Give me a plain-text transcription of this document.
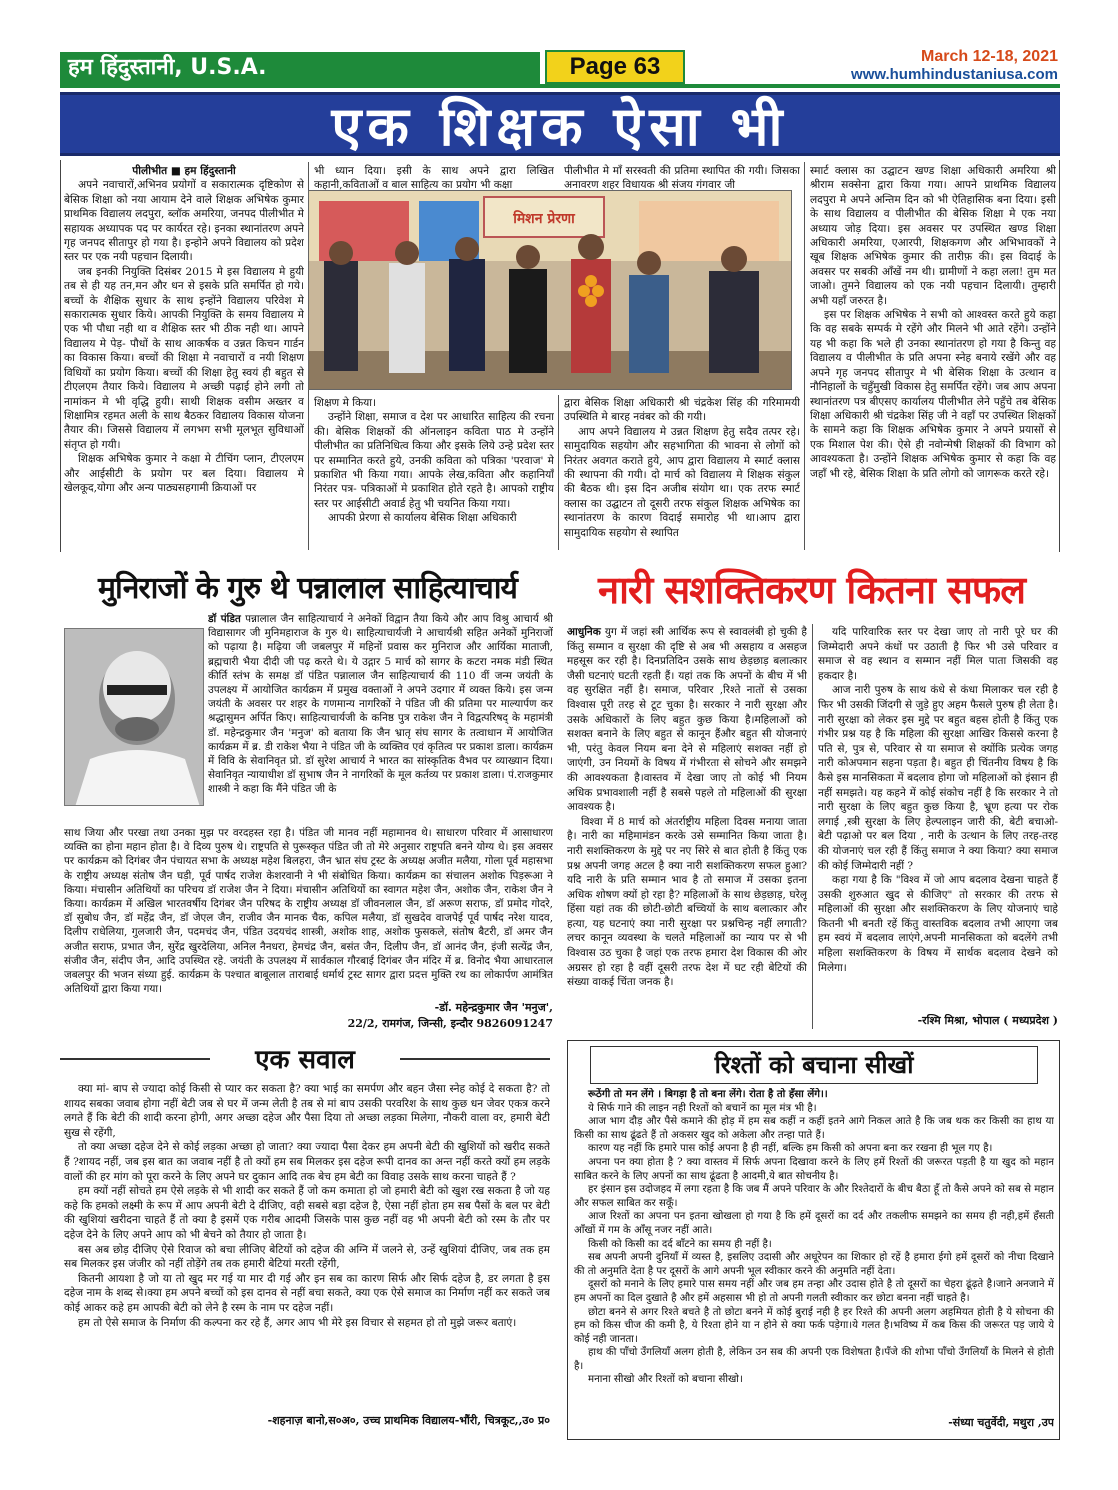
हम हिंदुस्तानी, U.S.A.	Page 63	March 12-18, 2021
www.humhindustaniusa.com
एक शिक्षक ऐसा भी

पीलीभीत ■ हम हिंदुस्तानी

अपने नवाचारों,अभिनव प्रयोगों व सकारात्मक दृष्टिकोण से बेसिक शिक्षा को नया आयाम देने वाले शिक्षक अभिषेक कुमार प्राथमिक विद्यालय लदपुरा, ब्लॉक अमरिया, जनपद पीलीभीत मे सहायक अध्यापक पद पर कार्यरत रहे। इनका स्थानांतरण अपने गृह जनपद सीतापुर हो गया है। इन्होने अपने विद्यालय को प्रदेश स्तर पर एक नयी पहचान दिलायी।

जब इनकी नियुक्ति दिसंबर 2015 मे इस विद्यालय मे हुयी तब से ही यह तन,मन और धन से इसके प्रति समर्पित हो गये। बच्चों के शैक्षिक सुधार के साथ इन्होंने विद्यालय परिवेश मे सकारात्मक सुधार किये। आपकी नियुक्ति के समय विद्यालय मे एक भी पौधा नही था व शैक्षिक स्तर भी ठीक नही था। आपने विद्यालय मे पेड़- पौधों के साथ आकर्षक व उन्नत किचन गार्डन का विकास किया। बच्चों की शिक्षा मे नवाचारों व नयी शिक्षण विधियों का प्रयोग किया। बच्चों की शिक्षा हेतु स्वयं ही बहुत से टीएलएम तैयार किये। विद्यालय मे अच्छी पढ़ाई होने लगी तो नामांकन मे भी वृद्धि हुयी। साथी शिक्षक वसीम अख्तर व शिक्षामित्र रहमत अली के साथ बैठकर विद्यालय विकास योजना तैयार की। जिससे विद्यालय में लगभग सभी मूलभूत सुविधाओं संतृप्त हो गयी।

शिक्षक अभिषेक कुमार ने कक्षा मे टीचिंग प्लान, टीएलएम और आईसीटी के प्रयोग पर बल दिया। विद्यालय मे खेलकूद,योगा और अन्य पाठ्यसहगामी क्रियाओं पर

भी ध्यान दिया। इसी के साथ अपने द्वारा लिखित कहानी,कविताओं व बाल साहित्य का प्रयोग भी कक्षा

पीलीभीत मे माँ सरस्वती की प्रतिमा स्थापित की गयी। जिसका अनावरण शहर विधायक श्री संजय गंगवार जी

मिशन प्रेरणा

शिक्षण मे किया।

उन्होंने शिक्षा, समाज व देश पर आधारित साहित्य की रचना की। बेसिक शिक्षकों की ऑनलाइन कविता पाठ मे उन्होंने पीलीभीत का प्रतिनिधित्व किया और इसके लिये उन्हे प्रदेश स्तर पर सम्मानित करते हुये, उनकी कविता को पत्रिका 'परवाज' मे प्रकाशित भी किया गया। आपके लेख,कविता और कहानियाँ निरंतर पत्र- पत्रिकाओं मे प्रकाशित होते रहते है। आपको राष्ट्रीय स्तर पर आईसीटी अवार्ड हेतु भी चयनित किया गया।

आपकी प्रेरणा से कार्यालय बेसिक शिक्षा अधिकारी

द्वारा बेसिक शिक्षा अधिकारी श्री चंद्रकेश सिंह की गरिमामयी उपस्थिति मे बारह नवंबर को की गयी।

आप अपने विद्यालय मे उन्नत शिक्षण हेतु सदैव तत्पर रहे। सामुदायिक सहयोग और सहभागिता की भावना से लोगों को निरंतर अवगत कराते हुये, आप द्वारा विद्यालय मे स्मार्ट क्लास की स्थापना की गयी। दो मार्च को विद्यालय मे शिक्षक संकुल की बैठक थी। इस दिन अजीब संयोग था। एक तरफ स्मार्ट क्लास का उद्घाटन तो दूसरी तरफ संकुल शिक्षक अभिषेक का स्थानांतरण के कारण विदाई समारोह भी था।आप द्वारा सामुदायिक सहयोग से स्थापित

स्मार्ट क्लास का उद्घाटन खण्ड शिक्षा अधिकारी अमरिया श्री श्रीराम सक्सेना द्वारा किया गया। आपने प्राथमिक विद्यालय लदपुरा मे अपने अन्तिम दिन को भी ऐतिहासिक बना दिया। इसी के साथ विद्यालय व पीलीभीत की बेसिक शिक्षा मे एक नया अध्याय जोड़ दिया। इस अवसर पर उपस्थित खण्ड शिक्षा अधिकारी अमरिया, एआरपी, शिक्षकगण और अभिभावकों ने खूब शिक्षक अभिषेक कुमार की तारीफ़ की। इस विदाई के अवसर पर सबकी आँखें नम थी। ग्रामीणों ने कहा लला! तुम मत जाओ। तुमने विद्यालय को एक नयी पहचान दिलायी। तुम्हारी अभी यहाँ जरुरत है।

इस पर शिक्षक अभिषेक ने सभी को आश्वस्त करते हुये कहा कि वह सबके सम्पर्क मे रहेंगे और मिलने भी आते रहेंगे। उन्होंने यह भी कहा कि भले ही उनका स्थानांतरण हो गया है किन्तु वह विद्यालय व पीलीभीत के प्रति अपना स्नेह बनाये रखेंगे और वह अपने गृह जनपद सीतापुर मे भी बेसिक शिक्षा के उत्थान व नौनिहालों के चहुँमुखी विकास हेतु समर्पित रहेंगे। जब आप अपना स्थानांतरण पत्र बीएसए कार्यालय पीलीभीत लेने पहुँचे तब बेसिक शिक्षा अधिकारी श्री चंद्रकेश सिंह जी ने वहाँ पर उपस्थित शिक्षकों के सामने कहा कि शिक्षक अभिषेक कुमार ने अपने प्रयासों से एक मिशाल पेश की। ऐसे ही नवोन्मेषी शिक्षकों की विभाग को आवश्यकता है। उन्होंने शिक्षक अभिषेक कुमार से कहा कि वह जहाँ भी रहे, बेसिक शिक्षा के प्रति लोगो को जागरूक करते रहे।

मुनिराजों के गुरु थे पन्नालाल साहित्याचार्य

डॉ पंडित पन्नालाल जैन साहित्याचार्य ने अनेकों विद्वान तैया किये और आप विश्रु आचार्य श्री विद्यासागर जी मुनिमहाराज के गुरु थे। साहित्याचार्यजी ने आचार्यश्री सहित अनेकों मुनिराजों को पढ़ाया है। मढ़िया जी जबलपुर में महिनों प्रवास कर मुनिराज और आर्यिका माताजी, ब्रह्मचारी भैया दीदी जी पढ़ करते थे। ये उद्गार 5 मार्च को सागर के कटरा नमक मंडी स्थित कीर्ति स्तंभ के समक्ष डॉ पंडित पन्नालाल जैन साहित्याचार्य की 110 वीं जन्म जयंती के उपलक्ष्य में आयोजित कार्यक्रम में प्रमुख वक्ताओं ने अपने उदगार में व्यक्त किये। इस जन्म जयंती के अवसर पर शहर के गणमान्य नागरिकों ने पंडित जी की प्रतिमा पर माल्यार्पण कर श्रद्धासुमन अर्पित किए। साहित्याचार्यजी के कनिष्ठ पुत्र राकेश जैन ने विद्वत्परिषद् के महामंत्री डॉ. महेन्द्रकुमार जैन 'मनुज' को बताया कि जैन भ्रातृ संघ सागर के तत्वाधान में आयोजित कार्यक्रम में ब्र. डी राकेश भैया ने पंडित जी के व्यक्तिव एवं कृतित्व पर प्रकाश डाला। कार्यक्रम में विवि के सेवानिवृत प्रो. डॉ सुरेश आचार्य ने भारत का सांस्कृतिक वैभव पर व्याख्यान दिया। सेवानिवृत न्यायाधीश डॉ सुभाष जैन ने नागरिकों के मूल कर्तव्य पर प्रकाश डाला। पं.राजकुमार शास्त्री ने कहा कि मैंने पंडित जी के

साथ जिया और परखा तथा उनका मुझ पर वरदहस्त रहा है। पंडित जी मानव नहीं महामानव थे। साधारण परिवार में आसाधारण व्यक्ति का होना महान होता है। वे दिव्य पुरुष थे। राष्ट्रपति से पुरूस्कृत पंडित जी तो मेरे अनुसार राष्ट्रपति बनने योग्य थे। इस अवसर पर कार्यक्रम को दिगंबर जैन पंचायत सभा के अध्यक्ष महेश बिलहरा, जैन भ्रात संघ ट्रस्ट के अध्यक्ष अजीत मलैया, गोला पूर्व महासभा के राष्ट्रीय अध्यक्ष संतोष जैन घड़ी, पूर्व पार्षद राजेश केशरवानी ने भी संबोधित किया। कार्यक्रम का संचालन अशोक पिड़रूआ ने किया। मंचासीन अतिथियों का परिचय डॉ राजेश जैन ने दिया। मंचासीन अतिथियों का स्वागत महेश जैन, अशोक जैन, राकेश जैन ने किया। कार्यक्रम में अखिल भारतवर्षीय दिगंबर जैन परिषद के राष्ट्रीय अध्यक्ष डॉ जीवनलाल जैन, डॉ अरूण सराफ, डॉ प्रमोद गोदरे, डॉ सुबोध जैन, डॉ महेंद्र जैन, डॉ जेएल जैन, राजीव जैन मानक चैक, कपिल मलैया, डॉ सुखदेव वाजपेई पूर्व पार्षद नरेश यादव, दिलीप राधेलिया, गुलजारी जैन, पदमचंद जैन, पंडित उदयचंद शास्त्री, अशोक शाह, अशोक फुसकले, संतोष बैटरी, डॉ अमर जैन अजीत सराफ, प्रभात जैन, सुरेंद्र खुरदेलिया, अनिल नैनधरा, हेमचंद्र जैन, बसंत जैन, दिलीप जैन, डॉ आनंद जैन, इंजी सत्येंद्र जैन, संजीव जैन, संदीप जैन, आदि उपस्थित रहे. जयंती के उपलक्ष्य में सार्वकाल गौरबाई दिगंबर जैन मंदिर में ब्र. विनोद भैया आधारताल जबलपुर की भजन संध्या हुई. कार्यक्रम के पश्चात बाबूलाल ताराबाई धर्मार्थ ट्रस्ट सागर द्वारा प्रदत्त मुक्ति रथ का लोकार्पण आमंत्रित अतिथियों द्वारा किया गया।

-डॉ. महेन्द्रकुमार जैन 'मनुज',

22/2, रामगंज, जिन्सी, इन्दौर 9826091247

नारी सशक्तिकरण कितना सफल

आधुनिक युग में जहां स्त्री आर्थिक रूप से स्वावलंबी हो चुकी है किंतु सम्मान व सुरक्षा की दृष्टि से अब भी असहाय व असहज महसूस कर रही है। दिनप्रतिदिन उसके साथ छेड़छाड़ बलात्कार जैसी घटनाएं घटती रहती हैं। यहां तक कि अपनों के बीच में भी वह सुरक्षित नहीं है। समाज, परिवार ,रिश्ते नातों से उसका विश्वास पूरी तरह से टूट चुका है। सरकार ने नारी सुरक्षा और उसके अधिकारों के लिए बहुत कुछ किया है।महिलाओं को सशक्त बनाने के लिए बहुत से कानून हैंऔर बहुत सी योजनाएं भी, परंतु केवल नियम बना देने से महिलाएं सशक्त नहीं हो जाएंगी, उन नियमों के विषय में गंभीरता से सोचने और समझने की आवश्यकता है।वास्तव में देखा जाए तो कोई भी नियम अधिक प्रभावशाली नहीं है सबसे पहले तो महिलाओं की सुरक्षा आवश्यक है।

विश्वा में 8 मार्च को अंतर्राष्ट्रीय महिला दिवस मनाया जाता है। नारी का महिमामंडन करके उसे सम्मानित किया जाता है। नारी सशक्तिकरण के मुद्दे पर नए सिरे से बात होती है किंतु एक प्रश्न अपनी जगह अटल है क्या नारी सशक्तिकरण सफल हुआ? यदि नारी के प्रति सम्मान भाव है तो समाज में उसका इतना अधिक शोषण क्यों हो रहा है? महिलाओं के साथ छेड़छाड़, घरेलू हिंसा यहां तक की छोटी-छोटी बच्चियों के साथ बलात्कार और हत्या, यह घटनाएं क्या नारी सुरक्षा पर प्रश्नचिन्ह नहीं लगाती? लचर कानून व्यवस्था के चलते महिलाओं का न्याय पर से भी विश्वास उठ चुका है जहां एक तरफ हमारा देश विकास की ओर अग्रसर हो रहा है वहीं दूसरी तरफ देश में घट रही बेटियों की संख्या वाकई चिंता जनक है।

यदि पारिवारिक स्तर पर देखा जाए तो नारी पूरे घर की जिम्मेदारी अपने कंधों पर उठाती है फिर भी उसे परिवार व समाज से वह स्थान व सम्मान नहीं मिल पाता जिसकी वह हकदार है।

आज नारी पुरुष के साथ कंधे से कंधा मिलाकर चल रही है फिर भी उसकी जिंदगी से जुड़े हुए अहम फैसले पुरुष ही लेता है। नारी सुरक्षा को लेकर इस मुद्दे पर बहुत बहस होती है किंतु एक गंभीर प्रश्न यह है कि महिला की सुरक्षा आखिर किससे करना है पति से, पुत्र से, परिवार से या समाज से क्योंकि प्रत्येक जगह नारी कोअपमान सहना पड़ता है। बहुत ही चिंतनीय विषय है कि कैसे इस मानसिकता में बदलाव होगा जो महिलाओं को इंसान ही नहीं समझते। यह कहने में कोई संकोच नहीं है कि सरकार ने तो नारी सुरक्षा के लिए बहुत कुछ किया है, भ्रूण हत्या पर रोक लगाई ,स्त्री सुरक्षा के लिए हेल्पलाइन जारी की, बेटी बचाओ- बेटी पढ़ाओ पर बल दिया , नारी के उत्थान के लिए तरह-तरह की योजनाएं चल रही हैं किंतु समाज ने क्या किया? क्या समाज की कोई जिम्मेदारी नहीं ?

कहा गया है कि "विश्व में जो आप बदलाव देखना चाहते हैं उसकी शुरुआत खुद से कीजिए" तो सरकार की तरफ से महिलाओं की सुरक्षा और सशक्तिकरण के लिए योजनाएं चाहे कितनी भी बनती रहें किंतु वास्तविक बदलाव तभी आएगा जब हम स्वयं में बदलाव लाएंगे,अपनी मानसिकता को बदलेंगे तभी महिला सशक्तिकरण के विषय में सार्थक बदलाव देखने को मिलेगा।

-रश्मि मिश्रा, भोपाल ( मध्यप्रदेश )

एक सवाल

क्या मां- बाप से ज्यादा कोई किसी से प्यार कर सकता है? क्या भाई का समर्पण और बहन जैसा स्नेह कोई दे सकता है? तो शायद सबका जवाब होगा नहीं बेटी जब से घर में जन्म लेती है तब से मां बाप उसकी परवरिश के साथ कुछ धन जेवर एकत्र करने लगते हैं कि बेटी की शादी करना होगी, अगर अच्छा दहेज और पैसा दिया तो अच्छा लड़का मिलेगा, नौकरी वाला वर, हमारी बेटी सुख से रहेंगी,

तो क्या अच्छा दहेज देने से कोई लड़का अच्छा हो जाता? क्या ज्यादा पैसा देकर हम अपनी बेटी की खुशियों को खरीद सकते हैं ?शायद नहीं, जब इस बात का जवाब नहीं है तो क्यों हम सब मिलकर इस दहेज रूपी दानव का अन्त नहीं करते क्यों हम लड़के वालों की हर मांग को पूरा करने के लिए अपने घर दुकान आदि तक बेच हम बेटी का विवाह उसके साथ करना चाहते हैं ?

हम क्यों नहीं सोचते हम ऐसे लड़के से भी शादी कर सकते हैं जो कम कमाता हो जो हमारी बेटी को खुश रख सकता है जो यह कहे कि हमको लक्ष्मी के रूप में आप अपनी बेटी दे दीजिए, वही सबसे बड़ा दहेज है, ऐसा नहीं होता हम सब पैसों के बल पर बेटी की खुशियां खरीदना चाहते हैं तो क्या है इसमें एक गरीब आदमी जिसके पास कुछ नहीं वह भी अपनी बेटी को रस्म के तौर पर दहेज देने के लिए अपने आप को भी बेचने को तैयार हो जाता है।

बस अब छोड़ दीजिए ऐसे रिवाज को बचा लीजिए बेटियों को दहेज की अग्नि में जलने से, उन्हें खुशियां दीजिए, जब तक हम सब मिलकर इस जंजीर को नहीं तोड़ेंगे तब तक हमारी बेटियां मरती रहेंगी,

कितनी आयशा है जो या तो खुद मर गई या मार दी गई और इन सब का कारण सिर्फ और सिर्फ दहेज है, डर लगता है इस दहेज नाम के शब्द से।क्या हम अपने बच्चों को इस दानव से नहीं बचा सकते, क्या एक ऐसे समाज का निर्माण नहीं कर सकते जब कोई आकर कहे हम आपकी बेटी को लेने है रस्म के नाम पर दहेज नहीं।

हम तो ऐसे समाज के निर्माण की कल्पना कर रहे हैं, अगर आप भी मेरे इस विचार से सहमत हो तो मुझे जरूर बताएं।

-शहनाज़ बानो,स०अ०, उच्च प्राथमिक विद्यालय-भौंरी, चित्रकूट,,उ० प्र०

रिश्तों को बचाना सीखों

रूठेंगी तो मन लेंगे । बिगड़ा है तो बना लेंगे। रोता है तो हँसा लेंगे।।

ये सिर्फ गाने की लाइन नही रिश्तों को बचानें का मूल मंत्र भी है।

आज भाग दौड़ और पैसे कमाने की होड़ में हम सब कहीं न कहीं इतने आगे निकल आते है कि जब थक कर किसी का हाथ या किसी का साथ ढूंढते हैं तो अकसर खुद को अकेला और तन्हा पाते हैं।

कारण यह नहीं कि हमारे पास कोई अपना है ही नहीं, बल्कि हम किसी को अपना बना कर रखना ही भूल गए है।

अपना पन क्या होता है ? क्या वास्तव में सिर्फ अपना दिखावा करने के लिए हमें रिश्तों की जरूरत पड़ती है या खुद को महान साबित करने के लिए अपनों का साथ ढूंढता है आदमी,ये बात सोचनीय है।

हर इंसान इस उदोजहद में लगा रहता है कि जब मैं अपने परिवार के और रिश्तेदारों के बीच बैठा हूँ तो कैसे अपने को सब से महान और सफल साबित कर सकूँ।

आज रिश्तों का अपना पन इतना खोखला हो गया है कि हमें दूसरों का दर्द और तकलीफ समझने का समय ही नही,हमें हँसती आँखों में गम के आँसू नजर नहीं आते।

किसी को किसी का दर्द बाँटने का समय ही नहीं है।

सब अपनी अपनी दुनियाँ में व्यस्त है, इसलिए उदासी और अधूरेपन का शिकार हो रहें है हमारा ईगो हमें दूसरों को नीचा दिखाने की तो अनुमति देता है पर दूसरों के आगे अपनी भूल स्वीकार करने की अनुमति नहीं देता।

दूसरों को मनाने के लिए हमारे पास समय नहीं और जब हम तन्हा और उदास होते है तो दूसरों का चेहरा ढूंढ़ते है।जाने अनजाने में हम अपनों का दिल दुखाते है और हमें अहसास भी हो तो अपनी गलती स्वीकार कर छोटा बनना नहीं चाहते है।

छोटा बनने से अगर रिश्ते बचते है तो छोटा बनने में कोई बुराई नही है हर रिश्ते की अपनी अलग अहमियत होती है ये सोचना की हम को किस चीज की कमी है, ये रिश्ता होने या न होने से क्या फर्क पड़ेगा।ये गलत है।भविष्य में कब किस की जरूरत पड़ जाये ये कोई नही जानता।

हाथ की पाँचो उँगलियाँ अलग होती है, लेकिन उन सब की अपनी एक विशेषता है।पँजे की शोभा पाँचो उँगलियाँ के मिलने से होती है।

मनाना सीखो और रिश्तों को बचाना सीखो।

-संध्या चतुर्वेदी, मथुरा ,उप
